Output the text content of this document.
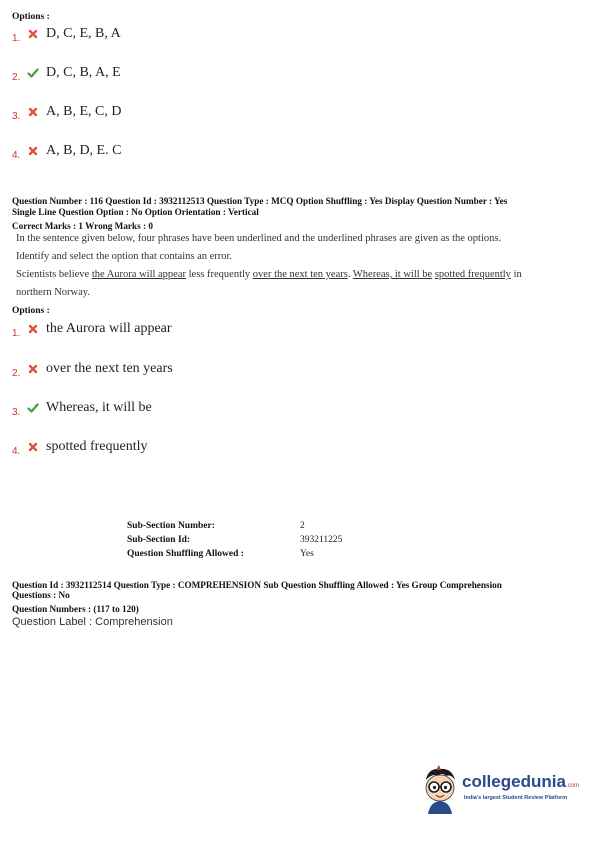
Options :
1.	D, C, E, B, A
2.	D, C, B, A, E
3.	A, B, E, C, D
4.	A, B, D, E. C
Question Number : 116 Question Id : 3932112513 Question Type : MCQ Option Shuffling : Yes Display Question Number : Yes
Single Line Question Option : No Option Orientation : Vertical
Correct Marks : 1 Wrong Marks : 0
In the sentence given below, four phrases have been underlined and the underlined phrases are given as the options.
Identify and select the option that contains an error.
Scientists believe the Aurora will appear less frequently over the next ten years. Whereas, it will be spotted frequently in
northern Norway.
Options :
1.	the Aurora will appear
2.	over the next ten years
3.	Whereas, it will be
4.	spotted frequently
Sub-Section Number:	2
Sub-Section Id:	393211225
Question Shuffling Allowed :	Yes
Question Id : 3932112514 Question Type : COMPREHENSION Sub Question Shuffling Allowed : Yes Group Comprehension
Questions : No
Question Numbers : (117 to 120)
Question Label : Comprehension
collegedunia.com
India's largest Student Review Platform
